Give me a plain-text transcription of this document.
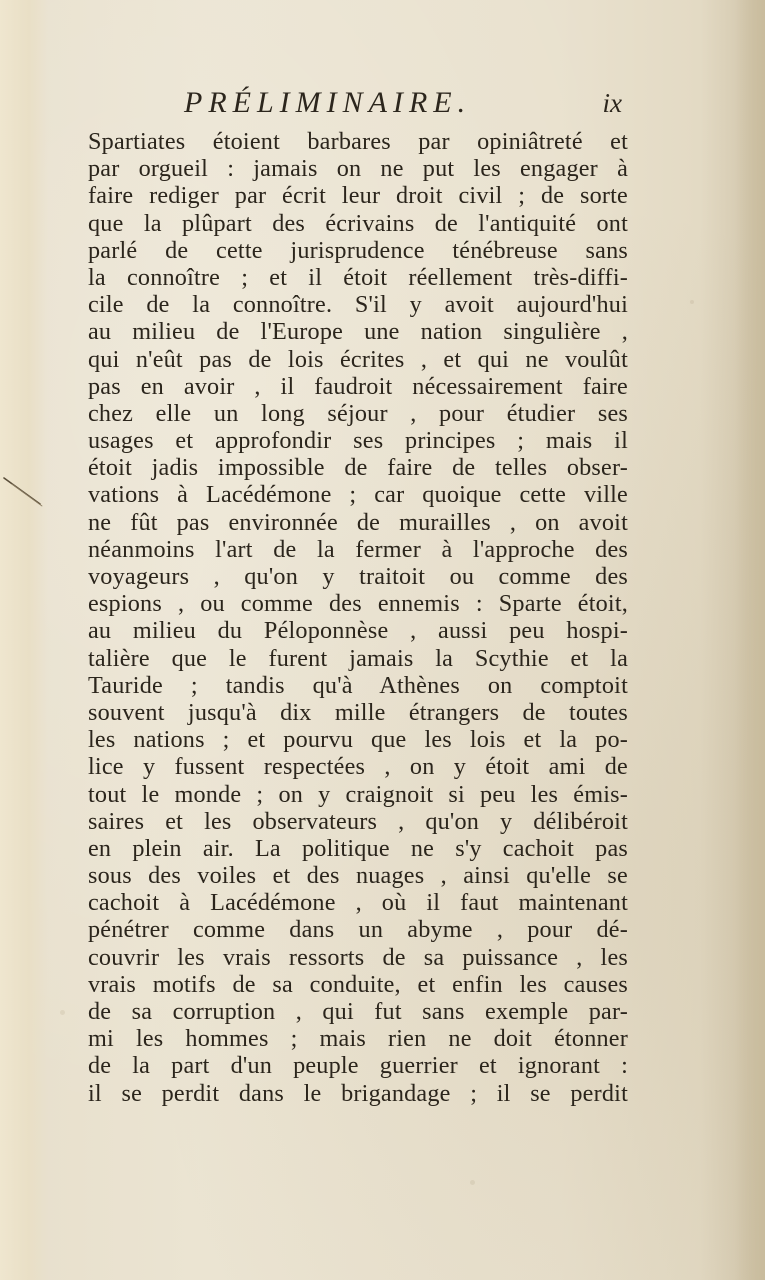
PRÉLIMINAIRE.	ix
Spartiates étoient barbares par opiniâtreté et
par orgueil : jamais on ne put les engager à
faire rediger par écrit leur droit civil ; de sorte
que la plûpart des écrivains de l'antiquité ont
parlé de cette jurisprudence ténébreuse sans
la connoître ; et il étoit réellement très-diffi-
cile de la connoître. S'il y avoit aujourd'hui
au milieu de l'Europe une nation singulière ,
qui n'eût pas de lois écrites , et qui ne voulût
pas en avoir , il faudroit nécessairement faire
chez elle un long séjour , pour étudier ses
usages et approfondir ses principes ; mais il
étoit jadis impossible de faire de telles obser-
vations à Lacédémone ; car quoique cette ville
ne fût pas environnée de murailles , on avoit
néanmoins l'art de la fermer à l'approche des
voyageurs , qu'on y traitoit ou comme des
espions , ou comme des ennemis : Sparte étoit,
au milieu du Péloponnèse , aussi peu hospi-
talière que le furent jamais la Scythie et la
Tauride ; tandis qu'à Athènes on comptoit
souvent jusqu'à dix mille étrangers de toutes
les nations ; et pourvu que les lois et la po-
lice y fussent respectées , on y étoit ami de
tout le monde ; on y craignoit si peu les émis-
saires et les observateurs , qu'on y délibéroit
en plein air. La politique ne s'y cachoit pas
sous des voiles et des nuages , ainsi qu'elle se
cachoit à Lacédémone , où il faut maintenant
pénétrer comme dans un abyme , pour dé-
couvrir les vrais ressorts de sa puissance , les
vrais motifs de sa conduite, et enfin les causes
de sa corruption , qui fut sans exemple par-
mi les hommes ; mais rien ne doit étonner
de la part d'un peuple guerrier et ignorant :
il se perdit dans le brigandage ; il se perdit
